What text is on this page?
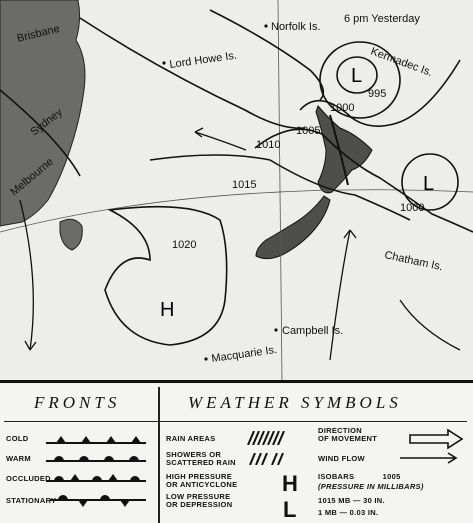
Brisbane
Sydney
Melbourne
Lord Howe Is.
Norfolk Is.
Kermadec Is.
Chatham Is.
Campbell Is.
Macquarie Is.
6 pm Yesterday
995
1000
1005
1010
1015
1020
1000
L
L
H
FRONTS	WEATHER SYMBOLS
COLD
WARM
OCCLUDED
STATIONARY
RAIN AREAS
SHOWERS OR
SCATTERED RAIN
HIGH PRESSURE
OR ANTICYCLONE H
LOW PRESSURE
OR DEPRESSION L
DIRECTION
OF MOVEMENT
WIND FLOW
ISOBARS	1005
(PRESSURE IN MILLIBARS)
1015 MB — 30 IN.
1 MB — 0.03 IN.
